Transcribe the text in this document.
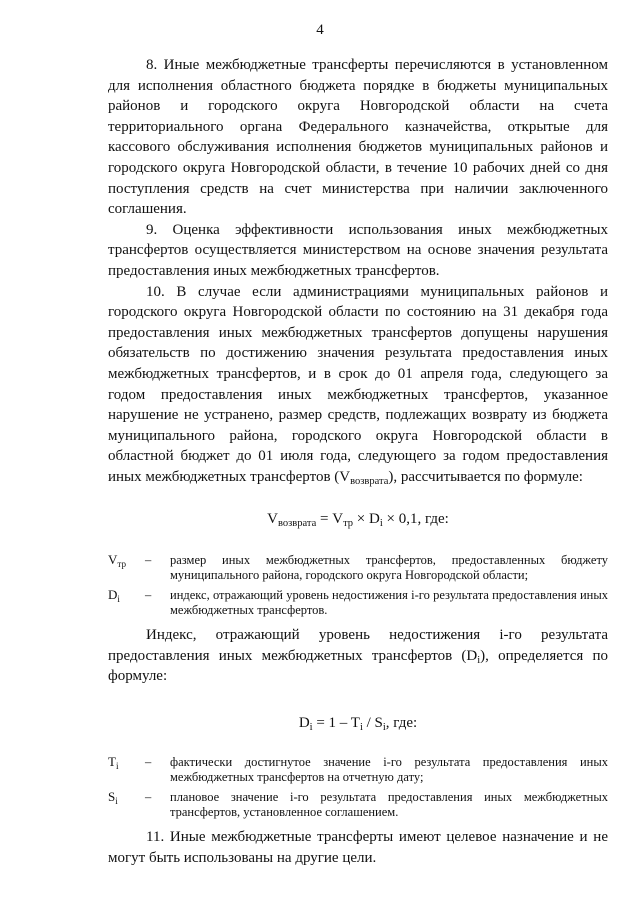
4

8. Иные межбюджетные трансферты перечисляются в установленном для исполнения областного бюджета порядке в бюджеты муниципальных районов и городского округа Новгородской области на счета территориального органа Федерального казначейства, открытые для кассового обслуживания исполнения бюджетов муниципальных районов и городского округа Новгородской области, в течение 10 рабочих дней со дня поступления средств на счет министерства при наличии заключенного соглашения.

9. Оценка эффективности использования иных межбюджетных трансфертов осуществляется министерством на основе значения результата предоставления иных межбюджетных трансфертов.

10. В случае если администрациями муниципальных районов и городского округа Новгородской области по состоянию на 31 декабря года предоставления иных межбюджетных трансфертов допущены нарушения обязательств по достижению значения результата предоставления иных межбюджетных трансфертов, и в срок до 01 апреля года, следующего за годом предоставления иных межбюджетных трансфертов, указанное нарушение не устранено, размер средств, подлежащих возврату из бюджета муниципального района, городского округа Новгородской области в областной бюджет до 01 июля года, следующего за годом предоставления иных межбюджетных трансфертов $(V_{возврата})$, рассчитывается по формуле:

$V_{возврата} = V_{тр} \times D_i \times 0,1$, где:
$V_{тр}$	–	размер иных межбюджетных трансфертов, предоставленных бюджету муниципального района, городского округа Новгородской области;
$D_i$	–	индекс, отражающий уровень недостижения i-го результата предоставления иных межбюджетных трансфертов.

Индекс, отражающий уровень недостижения i-го результата предоставления иных межбюджетных трансфертов $(D_i)$, определяется по формуле:

$D_i = 1 - T_i / S_i$, где:
$T_i$	–	фактически достигнутое значение i-го результата предоставления иных межбюджетных трансфертов на отчетную дату;
$S_i$	–	плановое значение i-го результата предоставления иных межбюджетных трансфертов, установленное соглашением.

11. Иные межбюджетные трансферты имеют целевое назначение и не могут быть использованы на другие цели.
